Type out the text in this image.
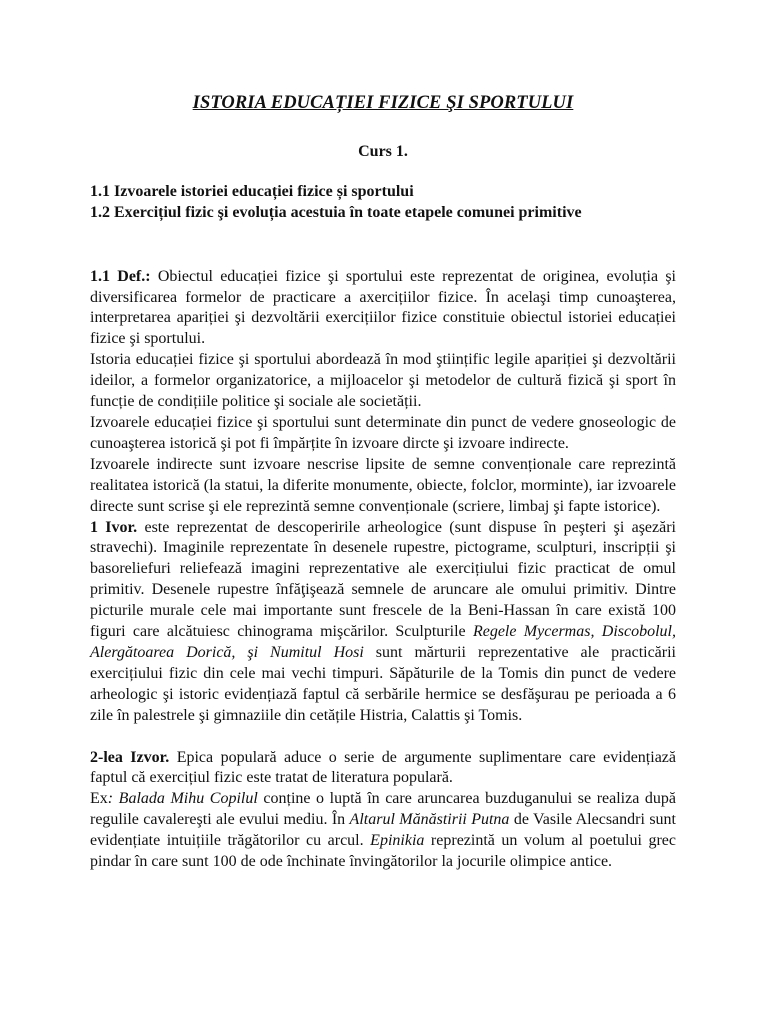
ISTORIA EDUCAȚIEI FIZICE ŞI SPORTULUI
Curs 1.

1.1 Izvoarele istoriei educației fizice și sportului

1.2 Exercițiul fizic şi evoluția acestuia în toate etapele comunei primitive

1.1 Def.: Obiectul educației fizice şi sportului este reprezentat de originea, evoluția şi diversificarea formelor de practicare a axercițiilor fizice. În acelaşi timp cunoaşterea, interpretarea apariției şi dezvoltării exercițiilor fizice constituie obiectul istoriei educației fizice şi sportului.

Istoria educației fizice şi sportului abordează în mod ştiințific legile apariției şi dezvoltării ideilor, a formelor organizatorice, a mijloacelor şi metodelor de cultură fizică şi sport în funcție de condițiile politice şi sociale ale societății.

Izvoarele educației fizice şi sportului sunt determinate din punct de vedere gnoseologic de cunoaşterea istorică şi pot fi împărțite în izvoare dircte şi izvoare indirecte.

Izvoarele indirecte sunt izvoare nescrise lipsite de semne convenționale care reprezintă realitatea istorică (la statui, la diferite monumente, obiecte, folclor, morminte), iar izvoarele directe sunt scrise şi ele reprezintă semne convenționale (scriere, limbaj şi fapte istorice).

1 Ivor. este reprezentat de descoperirile arheologice (sunt dispuse în peşteri şi aşezări stravechi). Imaginile reprezentate în desenele rupestre, pictograme, sculpturi, inscripții şi basoreliefuri reliefează imagini reprezentative ale exercițiului fizic practicat de omul primitiv. Desenele rupestre înfăţişează semnele de aruncare ale omului primitiv. Dintre picturile murale cele mai importante sunt frescele de la Beni-Hassan în care există 100 figuri care alcătuiesc chinograma mişcărilor. Sculpturile Regele Mycermas, Discobolul, Alergătoarea Dorică, şi Numitul Hosi sunt mărturii reprezentative ale practicării exercițiului fizic din cele mai vechi timpuri. Săpăturile de la Tomis din punct de vedere arheologic şi istoric evidențiază faptul că serbările hermice se desfăşurau pe perioada a 6 zile în palestrele şi gimnaziile din cetățile Histria, Calattis şi Tomis.

2-lea Izvor. Epica populară aduce o serie de argumente suplimentare care evidențiază faptul că exercițiul fizic este tratat de literatura populară.

Ex: Balada Mihu Copilul conține o luptă în care aruncarea buzduganului se realiza după regulile cavalereşti ale evului mediu. În Altarul Mănăstirii Putna de Vasile Alecsandri sunt evidențiate intuițiile trăgătorilor cu arcul. Epinikia reprezintă un volum al poetului grec pindar în care sunt 100 de ode închinate învingătorilor la jocurile olimpice antice.
